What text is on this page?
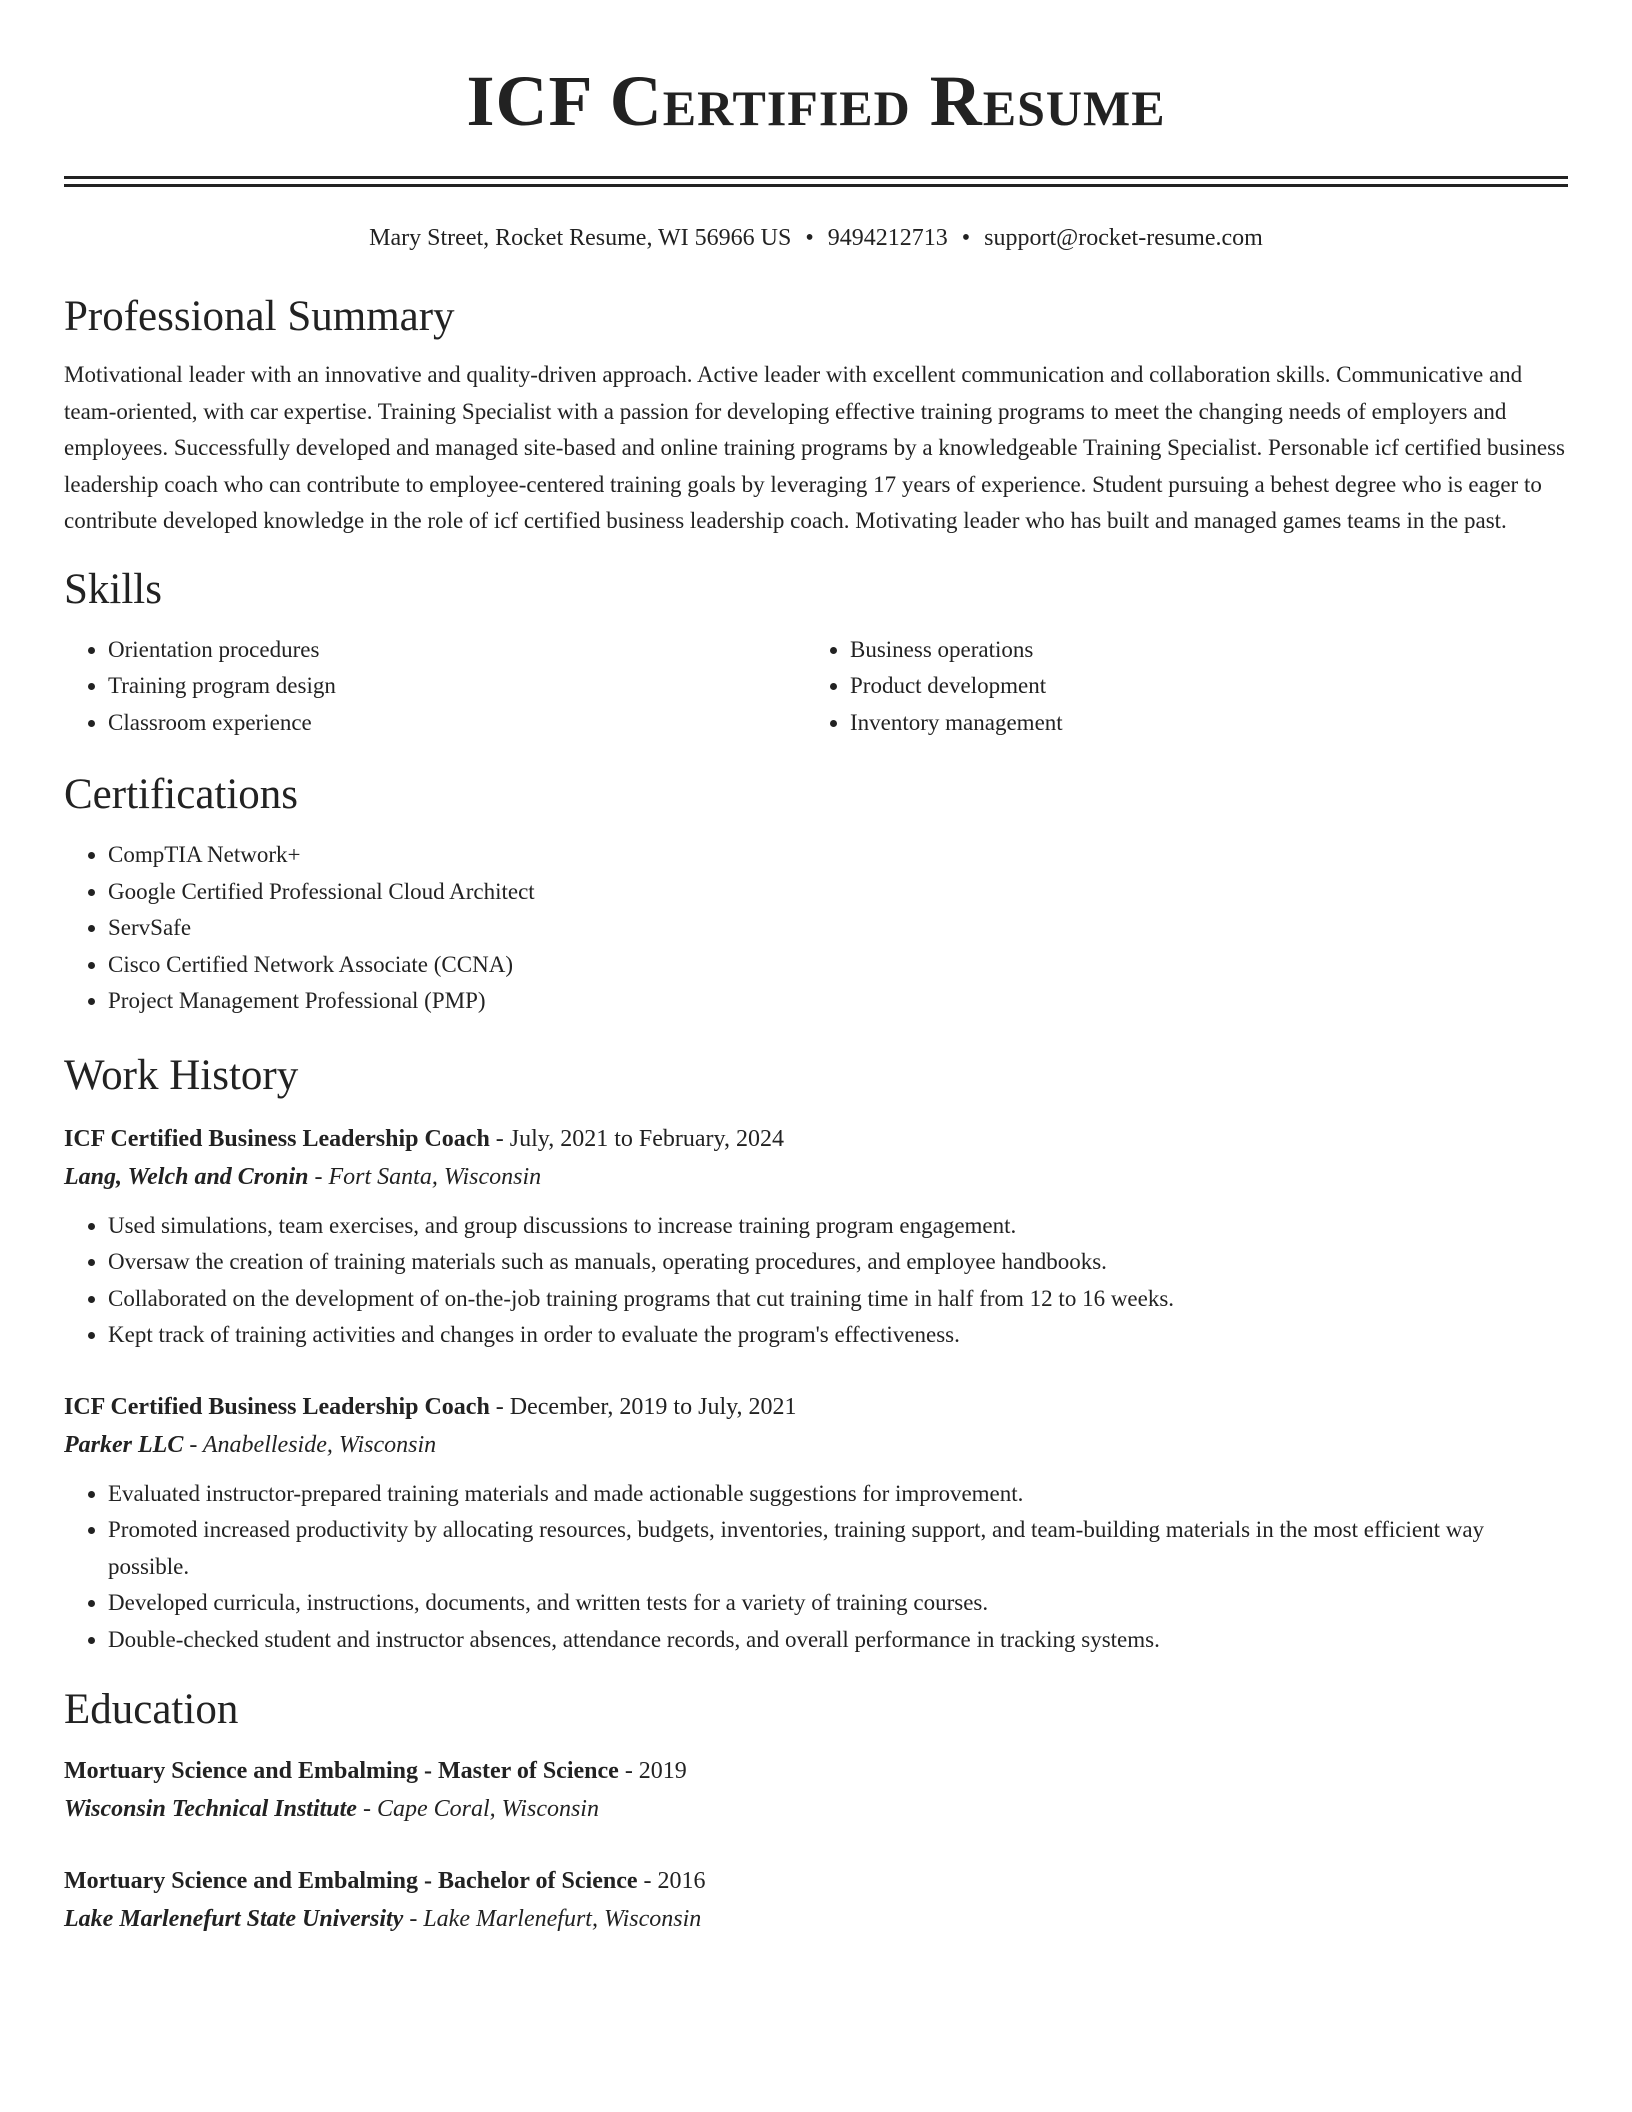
ICF Certified Resume
Mary Street, Rocket Resume, WI 56966 US • 9494212713 • support@rocket-resume.com
Professional Summary

Motivational leader with an innovative and quality-driven approach. Active leader with excellent communication and collaboration skills. Communicative and team-oriented, with car expertise. Training Specialist with a passion for developing effective training programs to meet the changing needs of employers and employees. Successfully developed and managed site-based and online training programs by a knowledgeable Training Specialist. Personable icf certified business leadership coach who can contribute to employee-centered training goals by leveraging 17 years of experience. Student pursuing a behest degree who is eager to contribute developed knowledge in the role of icf certified business leadership coach. Motivating leader who has built and managed games teams in the past.

Skills
• Orientation procedures
• Training program design
• Classroom experience
• Business operations
• Product development
• Inventory management
Certifications
• CompTIA Network+
• Google Certified Professional Cloud Architect
• ServSafe
• Cisco Certified Network Associate (CCNA)
• Project Management Professional (PMP)
Work History
ICF Certified Business Leadership Coach - July, 2021 to February, 2024
Lang, Welch and Cronin - Fort Santa, Wisconsin
• Used simulations, team exercises, and group discussions to increase training program engagement.
• Oversaw the creation of training materials such as manuals, operating procedures, and employee handbooks.
• Collaborated on the development of on-the-job training programs that cut training time in half from 12 to 16 weeks.
• Kept track of training activities and changes in order to evaluate the program's effectiveness.
ICF Certified Business Leadership Coach - December, 2019 to July, 2021
Parker LLC - Anabelleside, Wisconsin
• Evaluated instructor-prepared training materials and made actionable suggestions for improvement.
• Promoted increased productivity by allocating resources, budgets, inventories, training support, and team-building materials in the most efficient way possible.
• Developed curricula, instructions, documents, and written tests for a variety of training courses.
• Double-checked student and instructor absences, attendance records, and overall performance in tracking systems.
Education
Mortuary Science and Embalming - Master of Science - 2019
Wisconsin Technical Institute - Cape Coral, Wisconsin
Mortuary Science and Embalming - Bachelor of Science - 2016
Lake Marlenefurt State University - Lake Marlenefurt, Wisconsin
